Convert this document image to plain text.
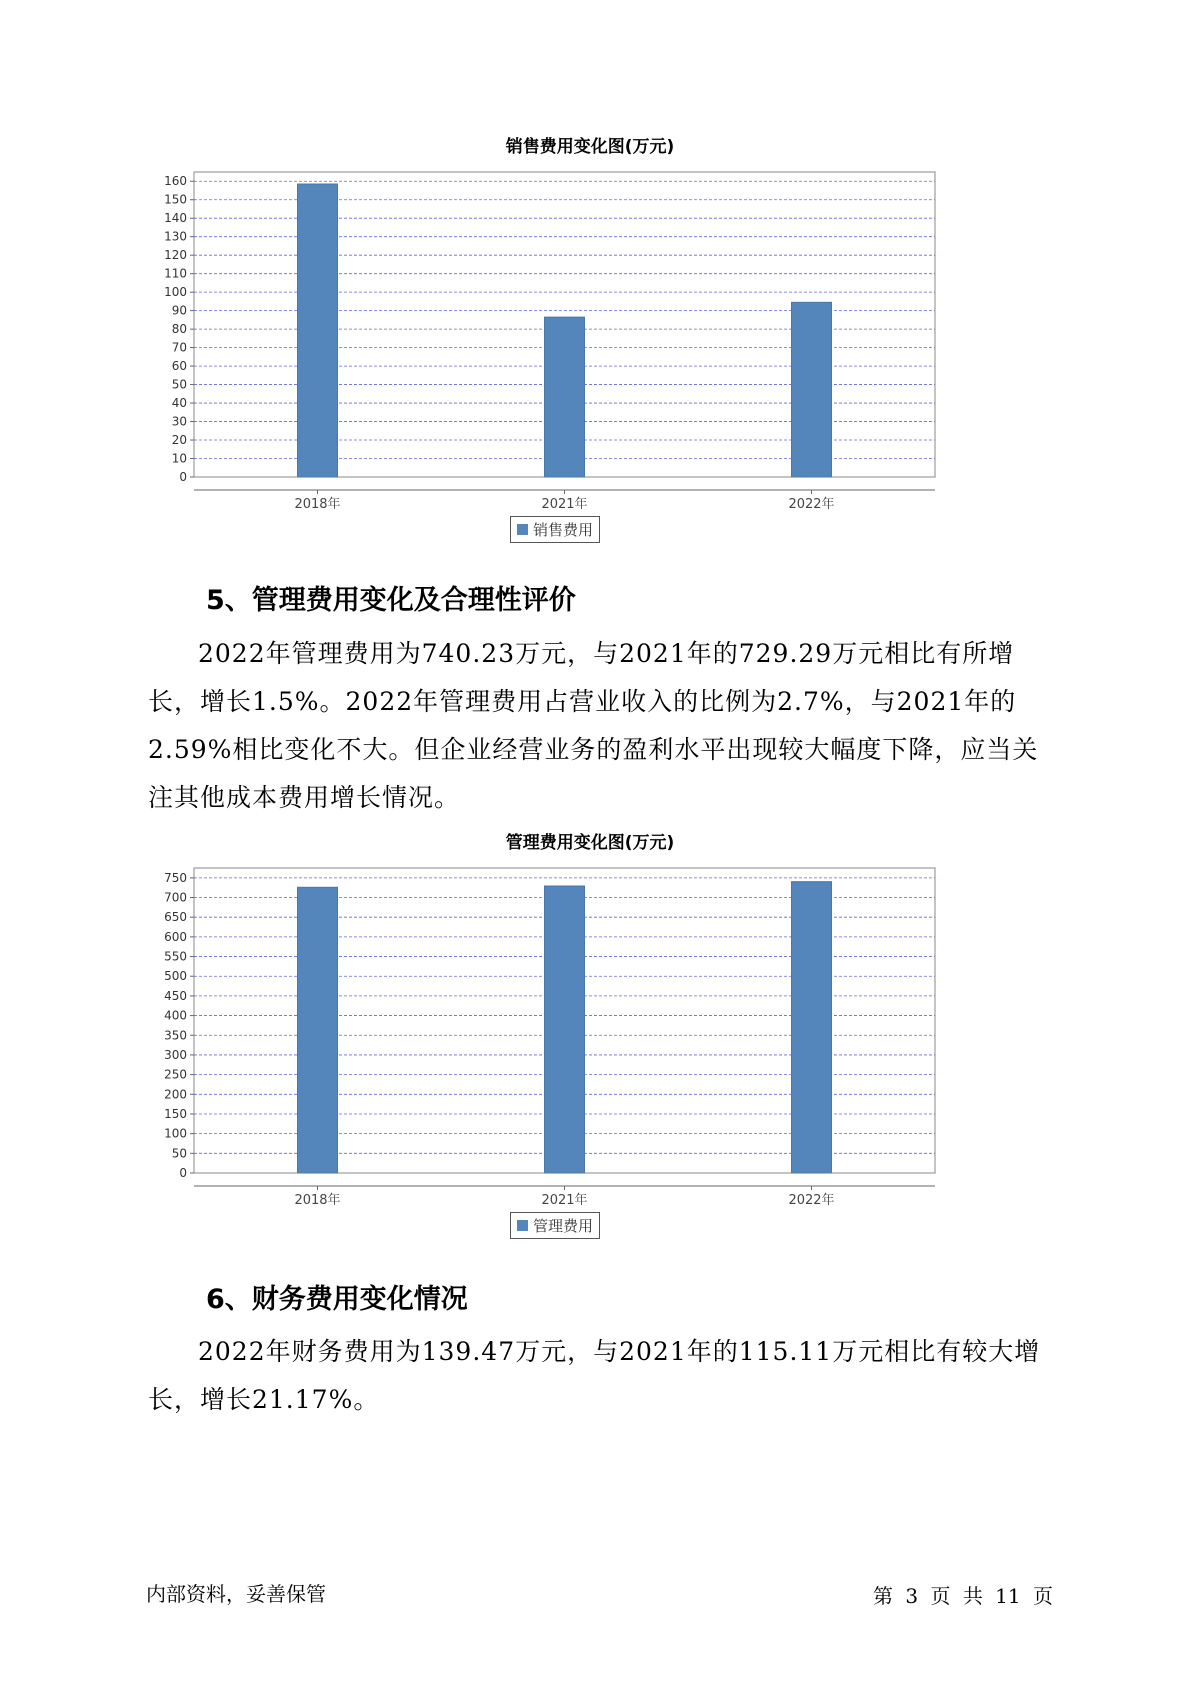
销售费用变化图(万元)
0
10
20
30
40
50
60
70
80
90
100
110
120
130
140
150
160
2018年	2021年	2022年
销售费用
5、管理费用变化及合理性评价
2022年管理费用为740.23万元，与2021年的729.29万元相比有所增长，增长1.5%。2022年管理费用占营业收入的比例为2.7%，与2021年的2.59%相比变化不大。但企业经营业务的盈利水平出现较大幅度下降，应当关注其他成本费用增长情况。
管理费用变化图(万元)
0
50
100
150
200
250
300
350
400
450
500
550
600
650
700
750
2018年	2021年	2022年
管理费用
6、财务费用变化情况
2022年财务费用为139.47万元，与2021年的115.11万元相比有较大增长，增长21.17%。
内部资料，妥善保管	第 3 页 共 11 页
